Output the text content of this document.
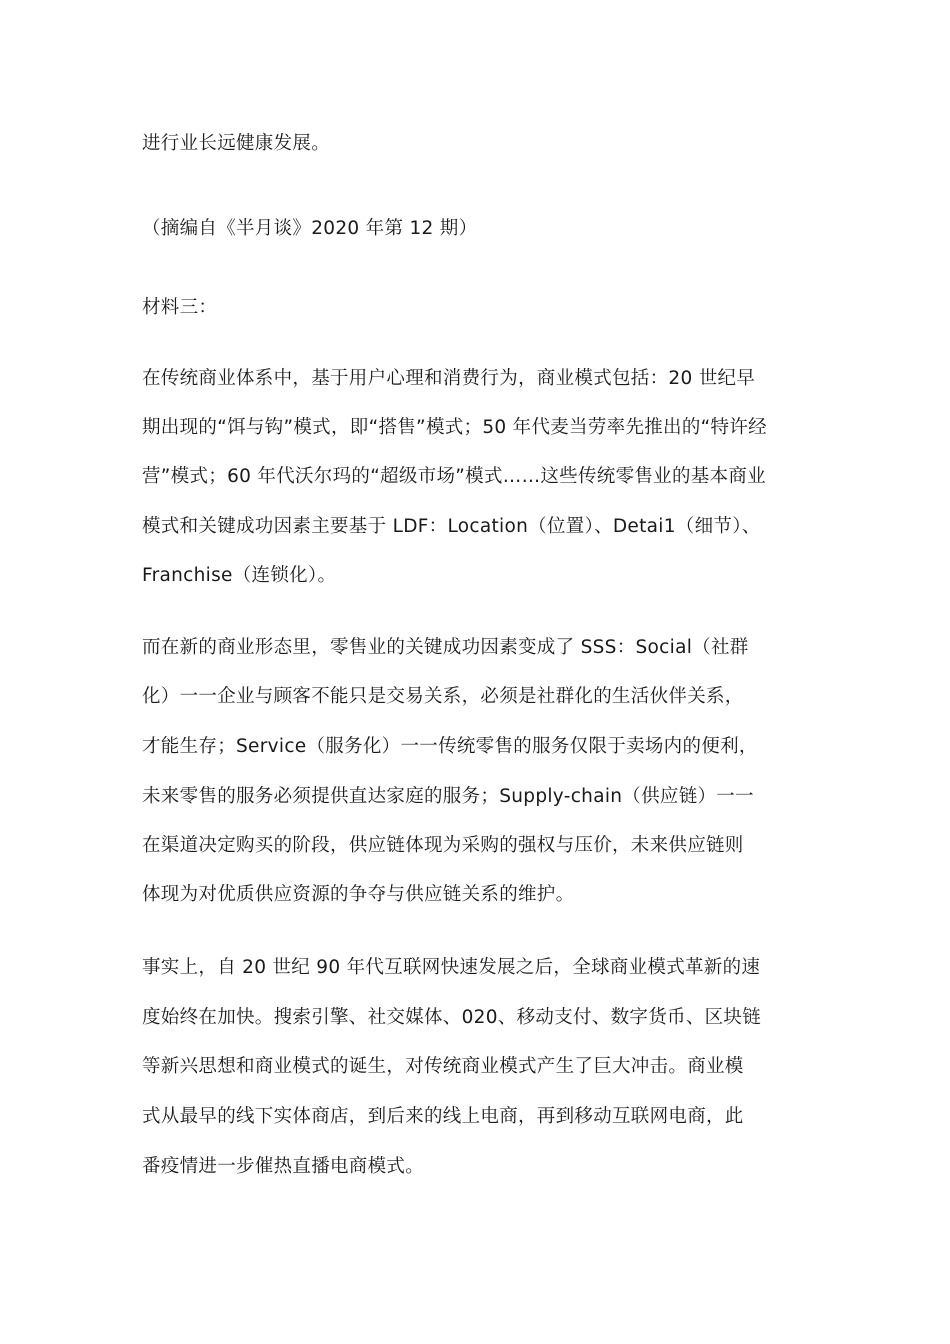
进行业长远健康发展。

（摘编自《半月谈》2020 年第 12 期）

材料三：

在传统商业体系中，基于用户心理和消费行为，商业模式包括：20 世纪早

期出现的“饵与钩”模式，即“搭售”模式；50 年代麦当劳率先推出的“特许经

营”模式；60 年代沃尔玛的“超级市场”模式……这些传统零售业的基本商业

模式和关键成功因素主要基于 LDF：Location（位置）、Detai1（细节）、

Franchise（连锁化）。

而在新的商业形态里，零售业的关键成功因素变成了 SSS：Social（社群

化）一一企业与顾客不能只是交易关系，必须是社群化的生活伙伴关系，

才能生存；Service（服务化）一一传统零售的服务仅限于卖场内的便利，

未来零售的服务必须提供直达家庭的服务；Supply-chain（供应链）一一

在渠道决定购买的阶段，供应链体现为采购的强权与压价，未来供应链则

体现为对优质供应资源的争夺与供应链关系的维护。

事实上，自 20 世纪 90 年代互联网快速发展之后，全球商业模式革新的速

度始终在加快。搜索引擎、社交媒体、020、移动支付、数字货币、区块链

等新兴思想和商业模式的诞生，对传统商业模式产生了巨大冲击。商业模

式从最早的线下实体商店，到后来的线上电商，再到移动互联网电商，此

番疫情进一步催热直播电商模式。
